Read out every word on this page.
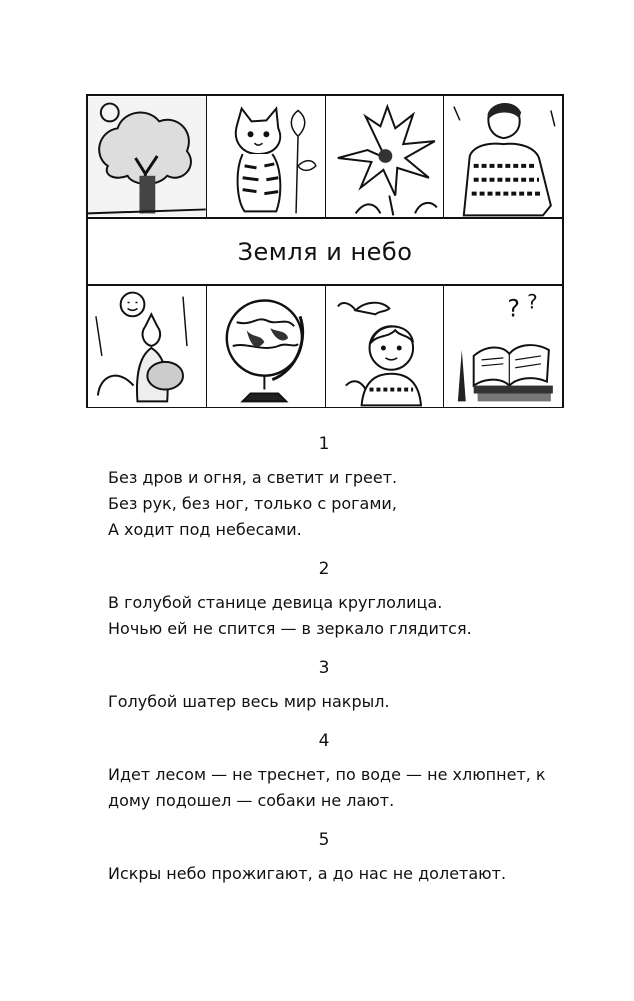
Земля и небо
? ?
1
Без дров и огня, а светит и греет.
Без рук, без ног, только с рогами,
А ходит под небесами.
2
В голубой станице девица круглолица.
Ночью ей не спится — в зеркало глядится.
3
Голубой шатер весь мир накрыл.
4
Идет лесом — не треснет, по воде — не хлюпнет, к
дому подошел — собаки не лают.
5
Искры небо прожигают, а до нас не долетают.
